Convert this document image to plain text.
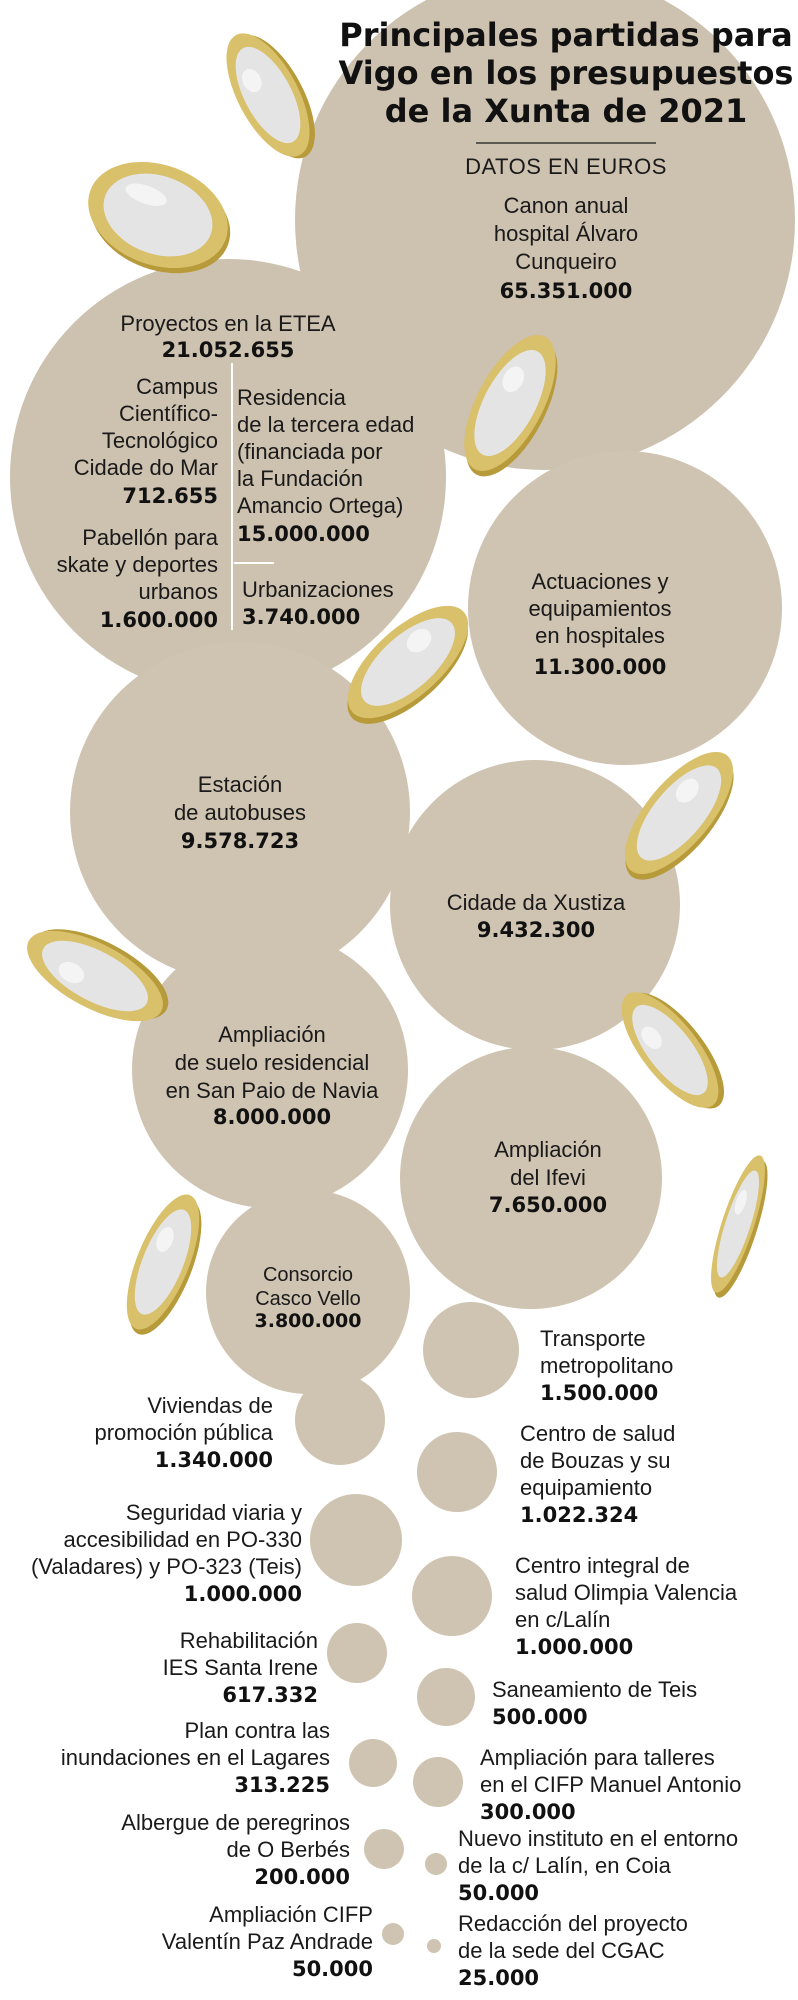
Canon anual
hospital Álvaro
Cunqueiro
65.351.000
Proyectos en la ETEA
21.052.655
Campus
Científico-
Tecnológico
Cidade do Mar
712.655
Residencia
de la tercera edad
(financiada por
la Fundación
Amancio Ortega)
15.000.000
Pabellón para
skate y deportes
urbanos
1.600.000
Urbanizaciones
3.740.000
Actuaciones y
equipamientos
en hospitales
11.300.000
Estación
de autobuses
9.578.723
Cidade da Xustiza
9.432.300
Ampliación
de suelo residencial
en San Paio de Navia
8.000.000
Ampliación
del Ifevi
7.650.000
Consorcio
Casco Vello
3.800.000
Transporte
metropolitano
1.500.000
Viviendas de
promoción pública
1.340.000
Centro de salud
de Bouzas y su
equipamiento
1.022.324
Seguridad viaria y
accesibilidad en PO-330
(Valadares) y PO-323 (Teis)
1.000.000
Centro integral de
salud Olimpia Valencia
en c/Lalín
1.000.000
Rehabilitación
IES Santa Irene
617.332	Saneamiento de Teis
500.000
Plan contra las
inundaciones en el Lagares
313.225
Ampliación para talleres
en el CIFP Manuel Antonio
300.000
Albergue de peregrinos
de O Berbés
200.000
Nuevo instituto en el entorno
de la c/ Lalín, en Coia
50.000
Ampliación CIFP
Valentín Paz Andrade
50.000
Redacción del proyecto
de la sede del CGAC
25.000
Principales partidas para
Vigo en los presupuestos
de la Xunta de 2021
DATOS EN EUROS
